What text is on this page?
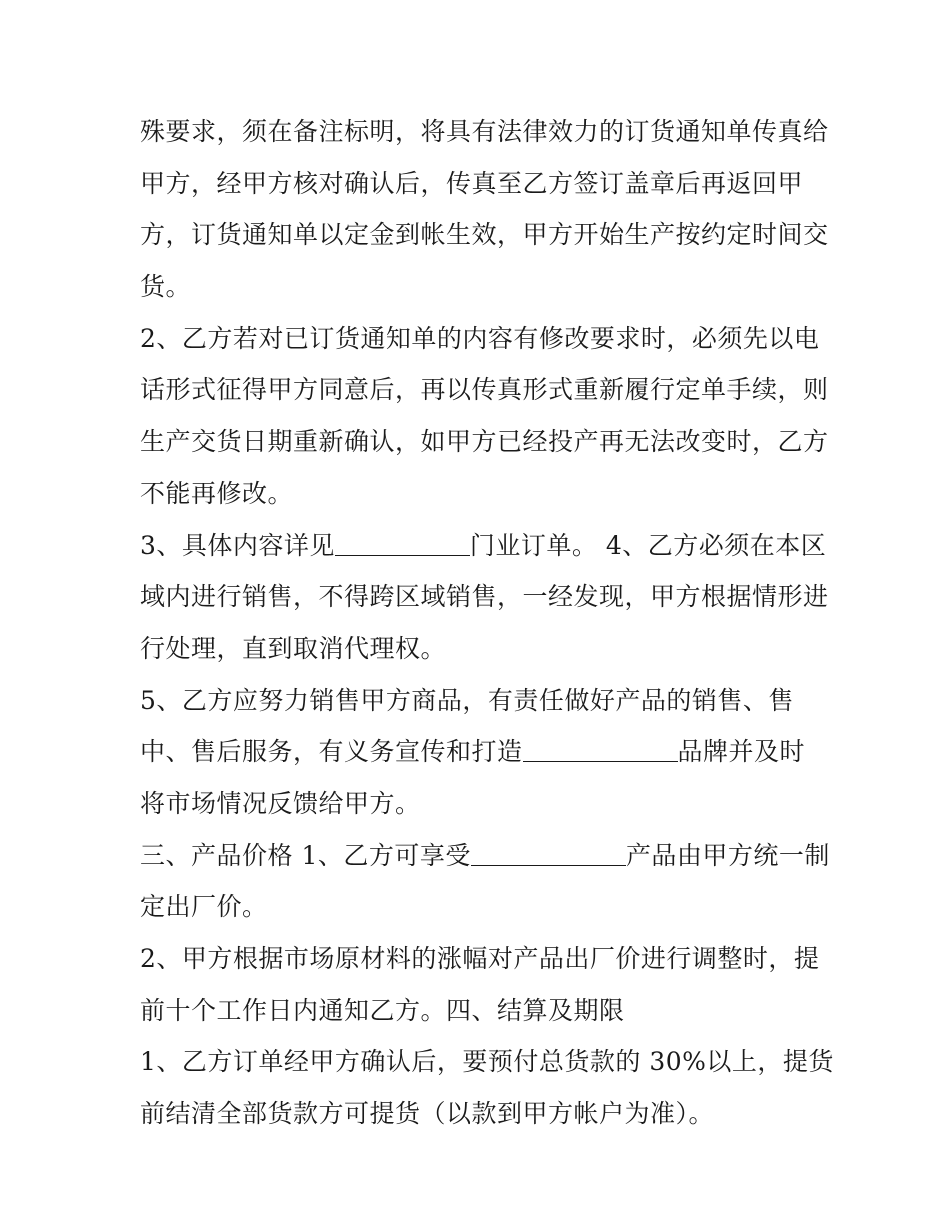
殊要求，须在备注标明，将具有法律效力的订货通知单传真给
甲方，经甲方核对确认后，传真至乙方签订盖章后再返回甲
方，订货通知单以定金到帐生效，甲方开始生产按约定时间交
货。
2、乙方若对已订货通知单的内容有修改要求时，必须先以电
话形式征得甲方同意后，再以传真形式重新履行定单手续，则
生产交货日期重新确认，如甲方已经投产再无法改变时，乙方
不能再修改。
3、具体内容详见	门业订单。 4、乙方必须在本区
域内进行销售，不得跨区域销售，一经发现，甲方根据情形进
行处理，直到取消代理权。
5、乙方应努力销售甲方商品，有责任做好产品的销售、售
中、售后服务，有义务宣传和打造	品牌并及时
将市场情况反馈给甲方。
三、产品价格 1、乙方可享受	产品由甲方统一制
定出厂价。
2、甲方根据市场原材料的涨幅对产品出厂价进行调整时，提
前十个工作日内通知乙方。四、结算及期限
1、乙方订单经甲方确认后，要预付总货款的 30%以上，提货
前结清全部货款方可提货（以款到甲方帐户为准）。
